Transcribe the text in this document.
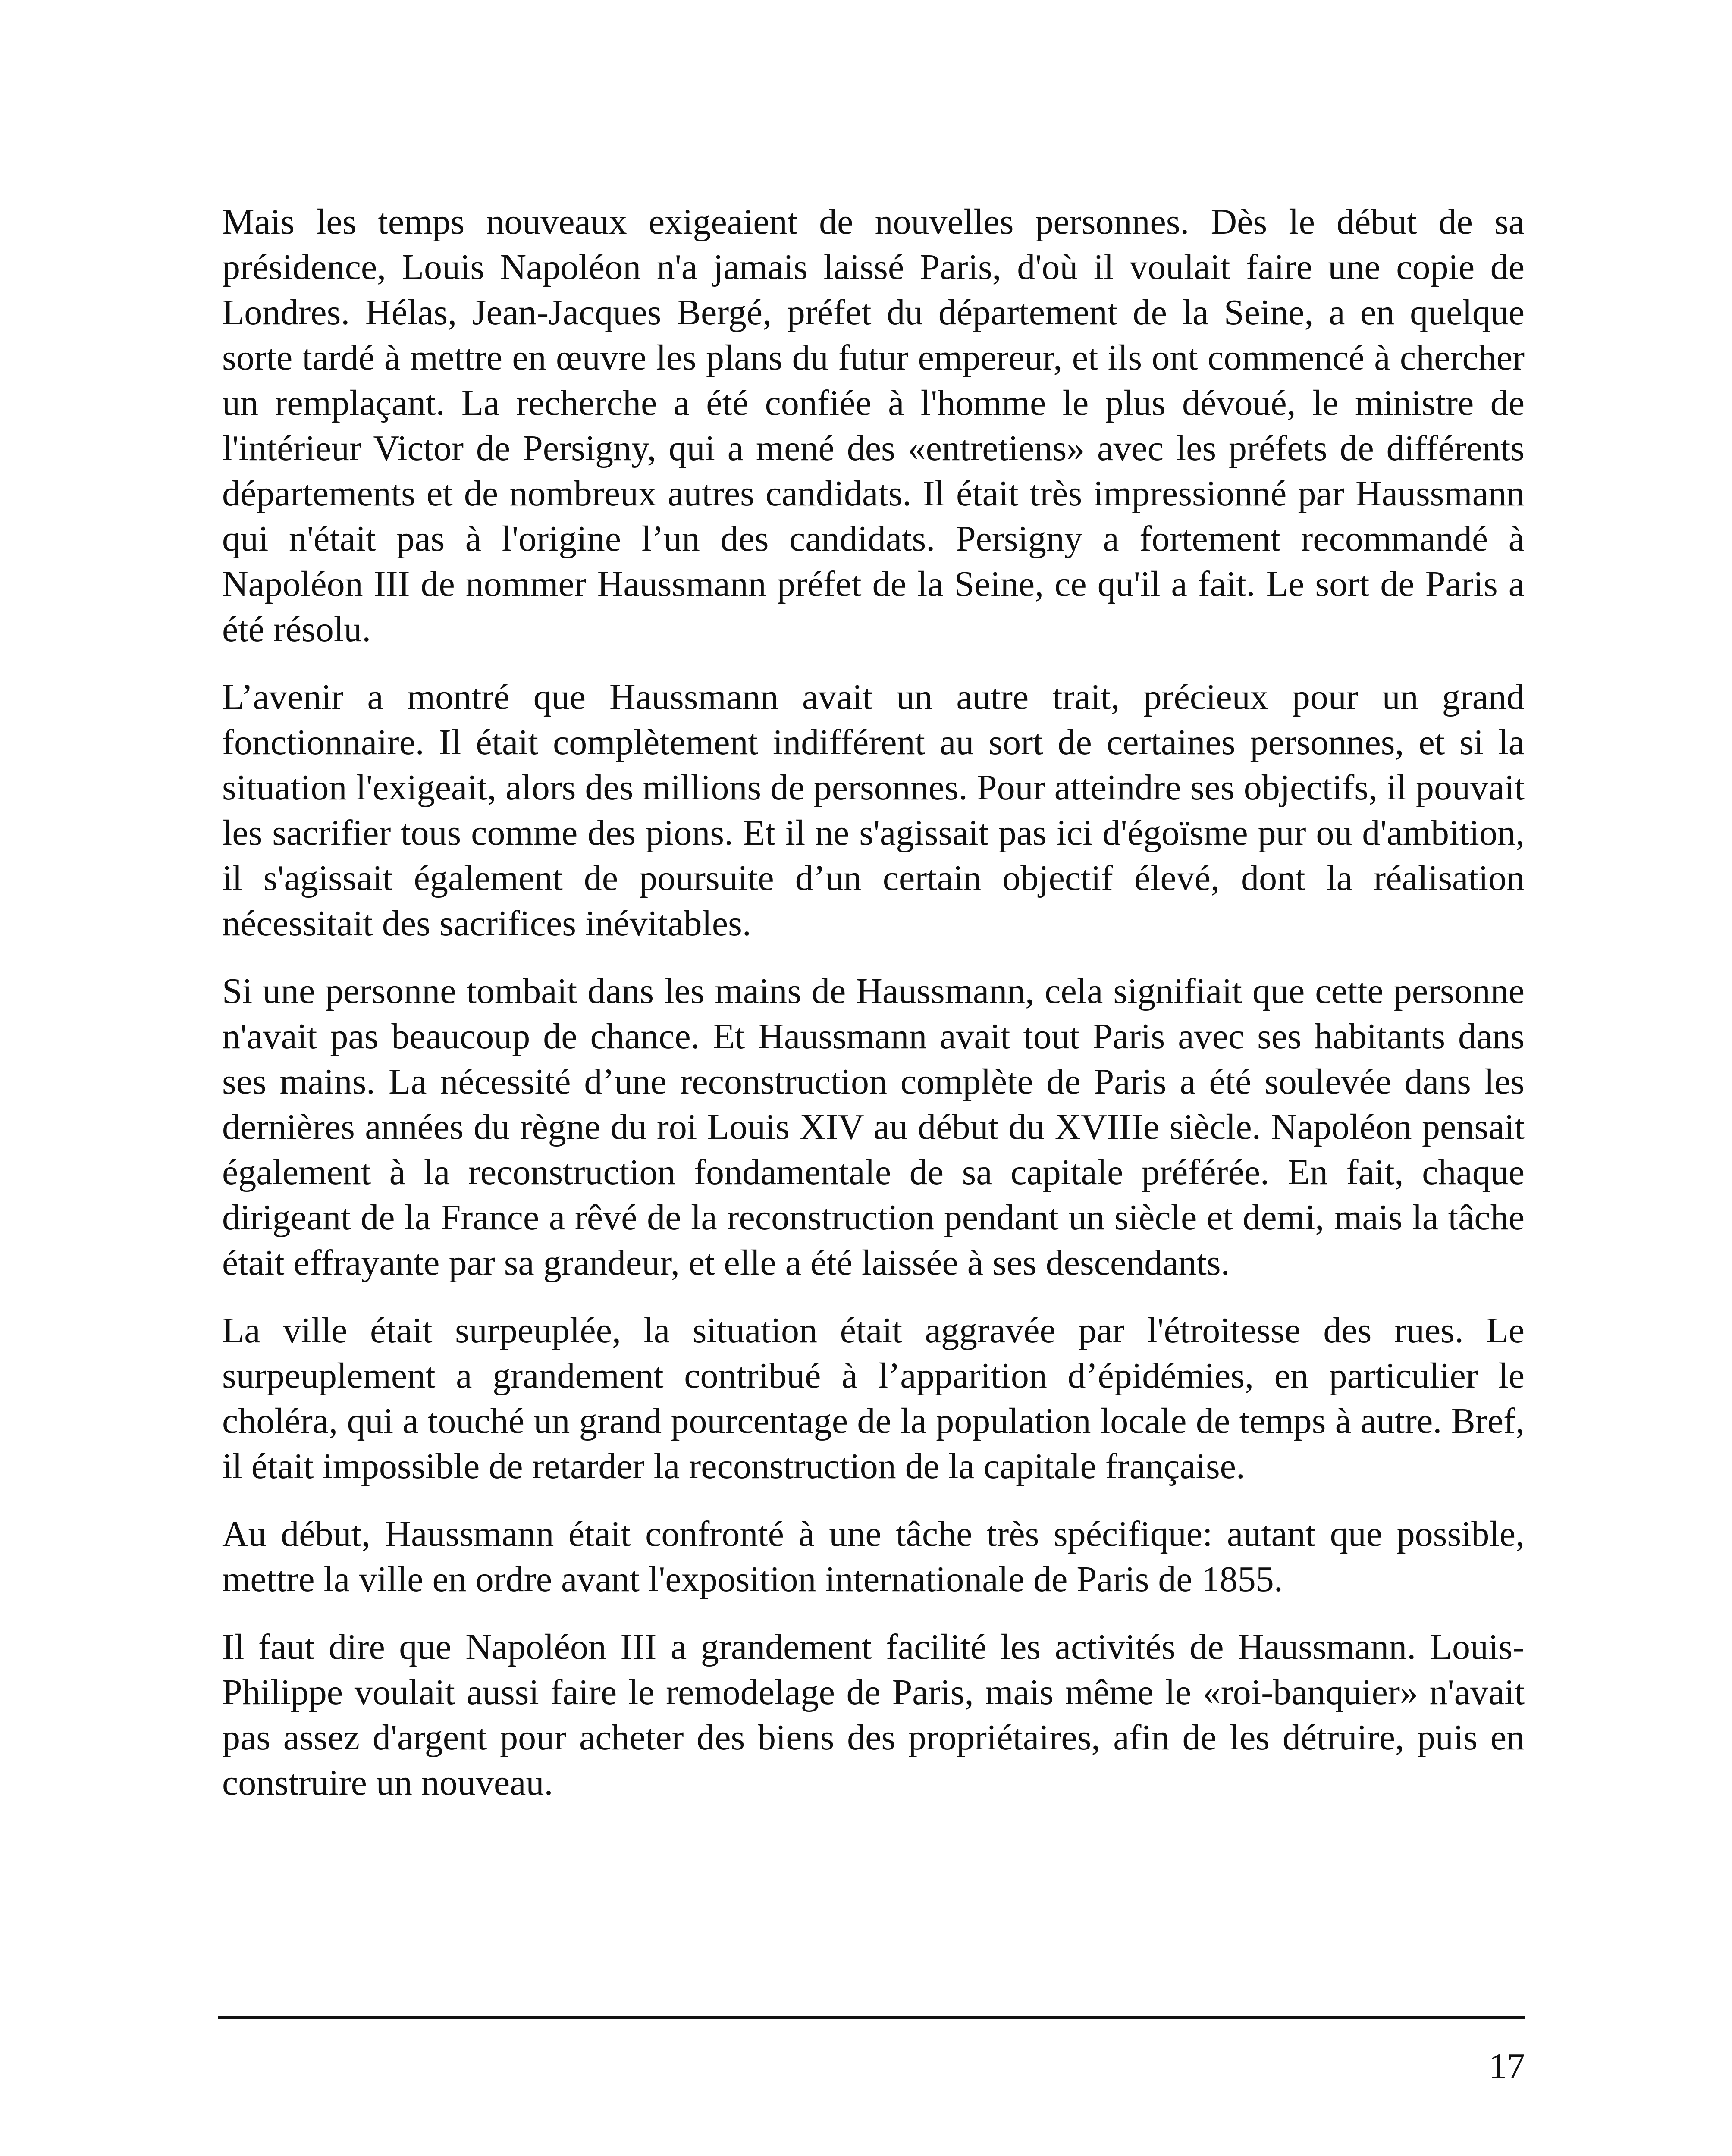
Mais les temps nouveaux exigeaient de nouvelles personnes. Dès le début de sa présidence, Louis Napoléon n'a jamais laissé Paris, d'où il voulait faire une copie de Londres. Hélas, Jean-Jacques Bergé, préfet du département de la Seine, a en quelque sorte tardé à mettre en œuvre les plans du futur empereur, et ils ont commencé à chercher un remplaçant. La recherche a été confiée à l'homme le plus dévoué, le ministre de l'intérieur Victor de Persigny, qui a mené des «entretiens» avec les préfets de différents départements et de nombreux autres candidats. Il était très impressionné par Haussmann qui n'était pas à l'origine l’un des candidats. Persigny a fortement recommandé à Napoléon III de nommer Haussmann préfet de la Seine, ce qu'il a fait. Le sort de Paris a été résolu.

L’avenir a montré que Haussmann avait un autre trait, précieux pour un grand fonctionnaire. Il était complètement indifférent au sort de certaines personnes, et si la situation l'exigeait, alors des millions de personnes. Pour atteindre ses objectifs, il pouvait les sacrifier tous comme des pions. Et il ne s'agissait pas ici d'égoïsme pur ou d'ambition, il s'agissait également de poursuite d’un certain objectif élevé, dont la réalisation nécessitait des sacrifices inévitables.

Si une personne tombait dans les mains de Haussmann, cela signifiait que cette personne n'avait pas beaucoup de chance. Et Haussmann avait tout Paris avec ses habitants dans ses mains. La nécessité d’une reconstruction complète de Paris a été soulevée dans les dernières années du règne du roi Louis XIV au début du XVIIIe siècle. Napoléon pensait également à la reconstruction fondamentale de sa capitale préférée. En fait, chaque dirigeant de la France a rêvé de la reconstruction pendant un siècle et demi, mais la tâche était effrayante par sa grandeur, et elle a été laissée à ses descendants.

La ville était surpeuplée, la situation était aggravée par l'étroitesse des rues. Le surpeuplement a grandement contribué à l’apparition d’épidémies, en particulier le choléra, qui a touché un grand pourcentage de la population locale de temps à autre. Bref, il était impossible de retarder la reconstruction de la capitale française.

Au début, Haussmann était confronté à une tâche très spécifique: autant que possible, mettre la ville en ordre avant l'exposition internationale de Paris de 1855.

Il faut dire que Napoléon III a grandement facilité les activités de Haussmann. Louis-Philippe voulait aussi faire le remodelage de Paris, mais même le «roi-banquier» n'avait pas assez d'argent pour acheter des biens des propriétaires, afin de les détruire, puis en construire un nouveau.

17
